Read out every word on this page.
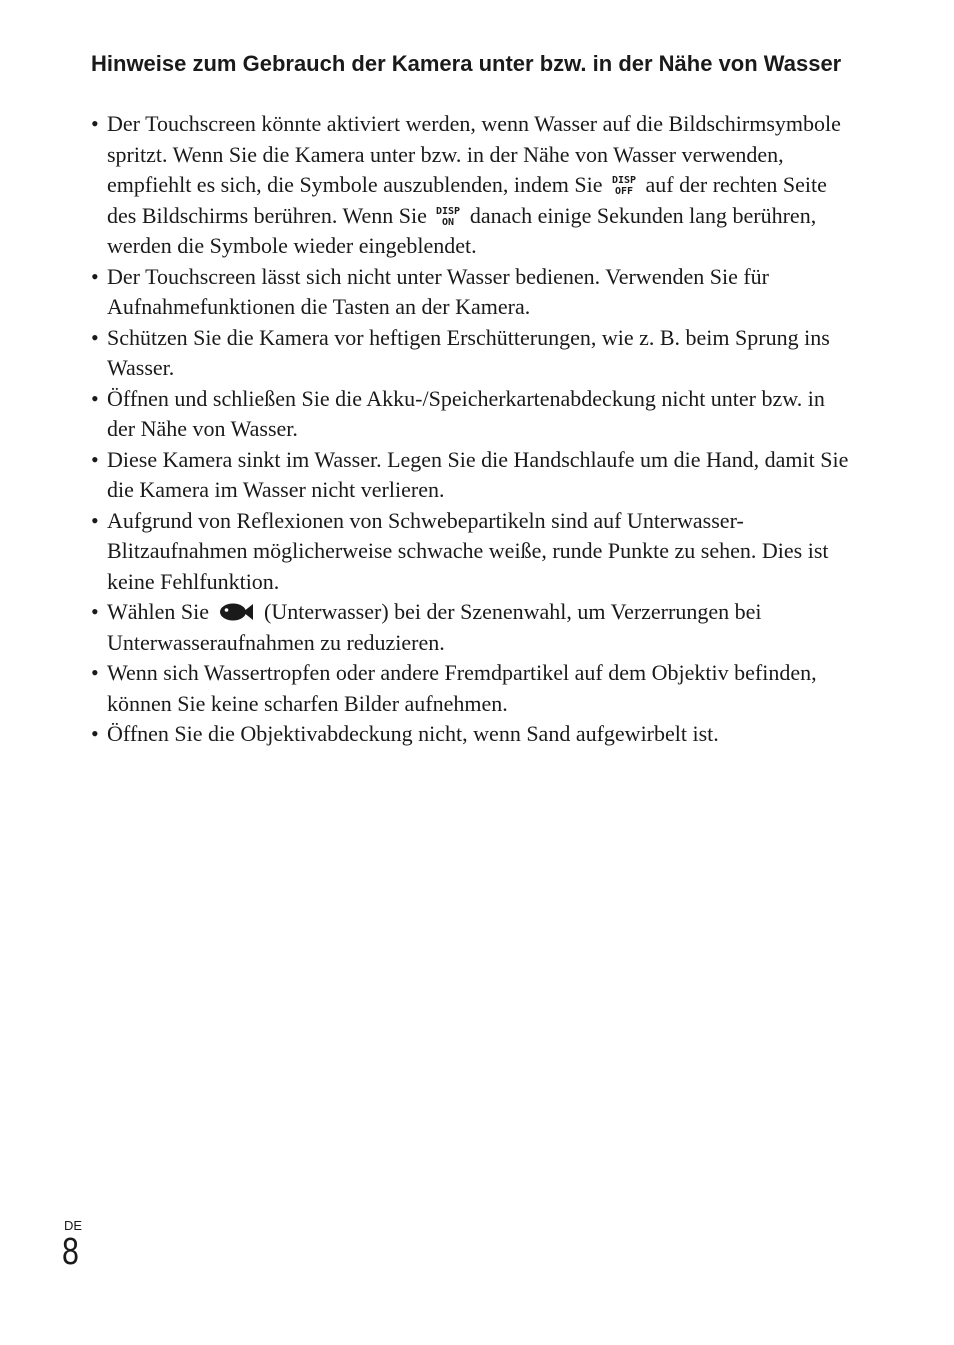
Hinweise zum Gebrauch der Kamera unter bzw. in der Nähe von Wasser
• Der Touchscreen könnte aktiviert werden, wenn Wasser auf die Bildschirmsymbole spritzt. Wenn Sie die Kamera unter bzw. in der Nähe von Wasser verwenden, empfiehlt es sich, die Symbole auszublenden, indem Sie DISP
OFF auf der rechten Seite des Bildschirms berühren. Wenn Sie DISP
ON danach einige Sekunden lang berühren, werden die Symbole wieder eingeblendet.
• Der Touchscreen lässt sich nicht unter Wasser bedienen. Verwenden Sie für Aufnahmefunktionen die Tasten an der Kamera.
• Schützen Sie die Kamera vor heftigen Erschütterungen, wie z. B. beim Sprung ins Wasser.
• Öffnen und schließen Sie die Akku-/Speicherkartenabdeckung nicht unter bzw. in der Nähe von Wasser.
• Diese Kamera sinkt im Wasser. Legen Sie die Handschlaufe um die Hand, damit Sie die Kamera im Wasser nicht verlieren.
• Aufgrund von Reflexionen von Schwebepartikeln sind auf Unterwasser-Blitzaufnahmen möglicherweise schwache weiße, runde Punkte zu sehen. Dies ist keine Fehlfunktion.
• Wählen Sie	(Unterwasser) bei der Szenenwahl, um Verzerrungen bei Unterwasseraufnahmen zu reduzieren.
• Wenn sich Wassertropfen oder andere Fremdpartikel auf dem Objektiv befinden, können Sie keine scharfen Bilder aufnehmen.
• Öffnen Sie die Objektivabdeckung nicht, wenn Sand aufgewirbelt ist.
DE
8
